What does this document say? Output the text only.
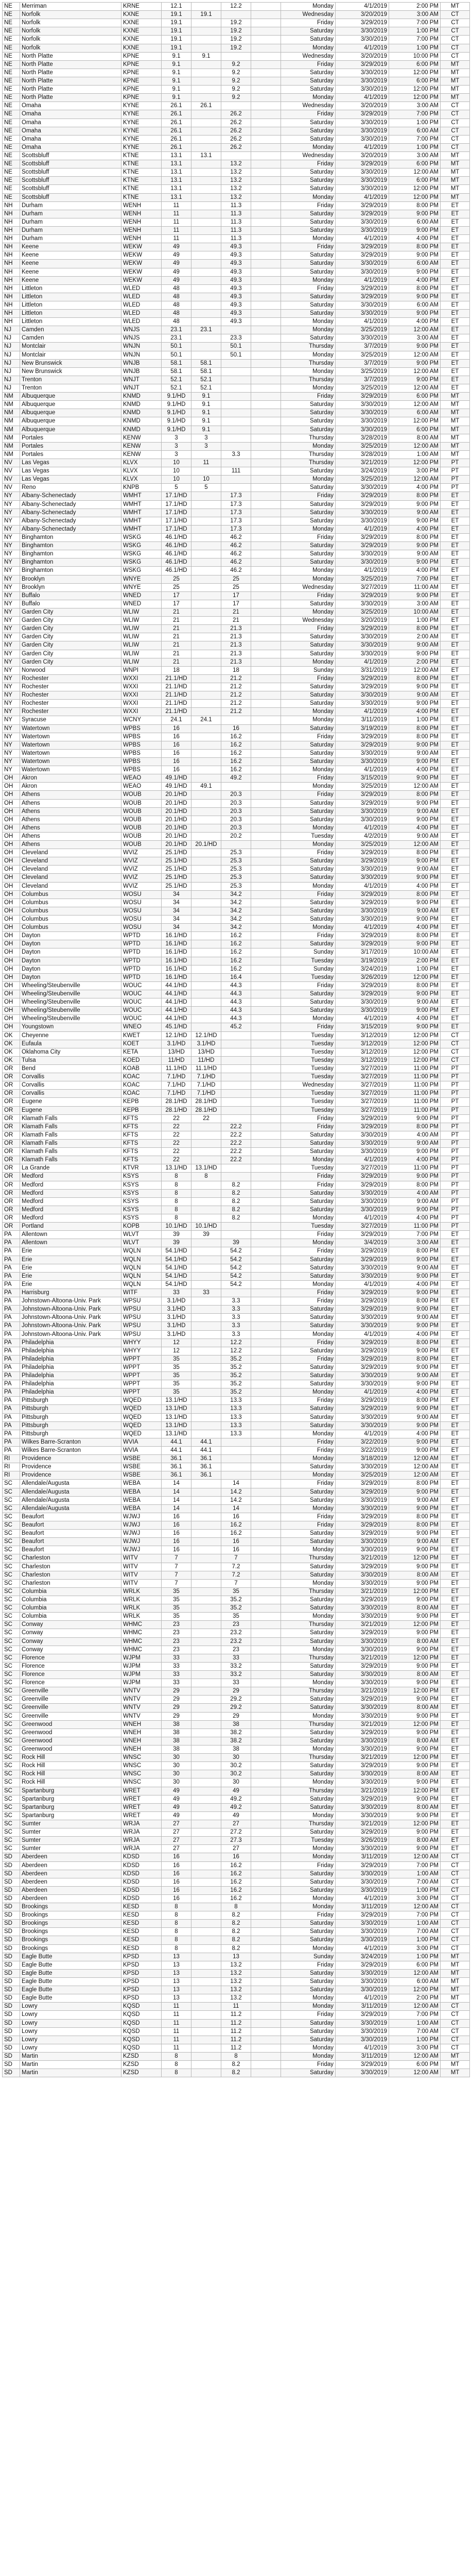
NE	Merriman	KRNE	12.1	12.2	Monday	4/1/2019	2:00 PM	MT
NE	Norfolk	KXNE	19.1	19.1	Wednesday	3/20/2019	3:00 AM	CT
NE	Norfolk	KXNE	19.1	19.2	Friday	3/29/2019	7:00 PM	CT
NE	Norfolk	KXNE	19.1	19.2	Saturday	3/30/2019	1:00 PM	CT
NE	Norfolk	KXNE	19.1	19.2	Saturday	3/30/2019	7:00 PM	CT
NE	Norfolk	KXNE	19.1	19.2	Monday	4/1/2019	1:00 PM	CT
NE	North Platte	KPNE	9.1	9.1	Wednesday	3/20/2019	10:00 PM	CT
NE	North Platte	KPNE	9.1	9.2	Friday	3/29/2019	6:00 PM	MT
NE	North Platte	KPNE	9.1	9.2	Saturday	3/30/2019	12:00 PM	MT
NE	North Platte	KPNE	9.1	9.2	Saturday	3/30/2019	6:00 PM	MT
NE	North Platte	KPNE	9.1	9.2	Saturday	3/30/2019	12:00 PM	MT
NE	North Platte	KPNE	9.1	9.2	Monday	4/1/2019	12:00 PM	MT
NE	Omaha	KYNE	26.1	26.1	Wednesday	3/20/2019	3:00 AM	CT
NE	Omaha	KYNE	26.1	26.2	Friday	3/29/2019	7:00 PM	CT
NE	Omaha	KYNE	26.1	26.2	Saturday	3/30/2019	1:00 PM	CT
NE	Omaha	KYNE	26.1	26.2	Saturday	3/30/2019	6:00 AM	CT
NE	Omaha	KYNE	26.1	26.2	Saturday	3/30/2019	7:00 PM	CT
NE	Omaha	KYNE	26.1	26.2	Monday	4/1/2019	1:00 PM	CT
NE	Scottsbluff	KTNE	13.1	13.1	Wednesday	3/20/2019	3:00 AM	MT
NE	Scottsbluff	KTNE	13.1	13.2	Friday	3/29/2019	6:00 PM	MT
NE	Scottsbluff	KTNE	13.1	13.2	Saturday	3/30/2019	12:00 AM	MT
NE	Scottsbluff	KTNE	13.1	13.2	Saturday	3/30/2019	6:00 PM	MT
NE	Scottsbluff	KTNE	13.1	13.2	Saturday	3/30/2019	12:00 PM	MT
NE	Scottsbluff	KTNE	13.1	13.2	Monday	4/1/2019	12:00 PM	MT
NH	Durham	WENH	11	11.3	Friday	3/29/2019	8:00 PM	ET
NH	Durham	WENH	11	11.3	Saturday	3/29/2019	9:00 PM	ET
NH	Durham	WENH	11	11.3	Saturday	3/30/2019	6:00 AM	ET
NH	Durham	WENH	11	11.3	Saturday	3/30/2019	9:00 PM	ET
NH	Durham	WENH	11	11.3	Monday	4/1/2019	4:00 PM	ET
NH	Keene	WEKW	49	49.3	Friday	3/29/2019	8:00 PM	ET
NH	Keene	WEKW	49	49.3	Saturday	3/29/2019	9:00 PM	ET
NH	Keene	WEKW	49	49.3	Saturday	3/30/2019	6:00 AM	ET
NH	Keene	WEKW	49	49.3	Saturday	3/30/2019	9:00 PM	ET
NH	Keene	WEKW	49	49.3	Monday	4/1/2019	4:00 PM	ET
NH	Littleton	WLED	48	49.3	Friday	3/29/2019	8:00 PM	ET
NH	Littleton	WLED	48	49.3	Saturday	3/29/2019	9:00 PM	ET
NH	Littleton	WLED	48	49.3	Saturday	3/30/2019	6:00 AM	ET
NH	Littleton	WLED	48	49.3	Saturday	3/30/2019	9:00 PM	ET
NH	Littleton	WLED	48	49.3	Monday	4/1/2019	4:00 PM	ET
NJ	Camden	WNJS	23.1	23.1	Monday	3/25/2019	12:00 AM	ET
NJ	Camden	WNJS	23.1	23.3	Saturday	3/30/2019	3:00 AM	ET
NJ	Montclair	WNJN	50.1	50.1	Thursday	3/7/2019	9:00 PM	ET
NJ	Montclair	WNJN	50.1	50.1	Monday	3/25/2019	12:00 AM	ET
NJ	New Brunswick	WNJB	58.1	58.1	Thursday	3/7/2019	9:00 PM	ET
NJ	New Brunswick	WNJB	58.1	58.1	Monday	3/25/2019	12:00 AM	ET
NJ	Trenton	WNJT	52.1	52.1	Thursday	3/7/2019	9:00 PM	ET
NJ	Trenton	WNJT	52.1	52.1	Monday	3/25/2019	12:00 AM	ET
NM	Albuquerque	KNMD	9.1/HD	9.1	Friday	3/29/2019	6:00 PM	MT
NM	Albuquerque	KNMD	9.1/HD	9.1	Saturday	3/30/2019	12:00 AM	MT
NM	Albuquerque	KNMD	9.1/HD	9.1	Saturday	3/30/2019	6:00 AM	MT
NM	Albuquerque	KNMD	9.1/HD	9.1	Saturday	3/30/2019	12:00 PM	MT
NM	Albuquerque	KNMD	9.1/HD	9.1	Saturday	3/30/2019	6:00 PM	MT
NM	Portales	KENW	3	3	Thursday	3/28/2019	8:00 AM	MT
NM	Portales	KENW	3	3	Monday	3/25/2019	12:00 AM	MT
NM	Portales	KENW	3	3.3	Thursday	3/28/2019	1:00 AM	MT
NV	Las Vegas	KLVX	10	11	Thursday	3/21/2019	12:00 PM	PT
NV	Las Vegas	KLVX	10	111	Saturday	3/24/2019	3:00 PM	PT
NV	Las Vegas	KLVX	10	10	Monday	3/25/2019	12:00 AM	PT
NV	Reno	KNPB	5	5	Saturday	3/30/2019	4:00 PM	PT
NY	Albany-Schenectady	WMHT	17.1/HD	17.3	Friday	3/29/2019	8:00 PM	ET
NY	Albany-Schenectady	WMHT	17.1/HD	17.3	Saturday	3/29/2019	9:00 PM	ET
NY	Albany-Schenectady	WMHT	17.1/HD	17.3	Saturday	3/30/2019	9:00 AM	ET
NY	Albany-Schenectady	WMHT	17.1/HD	17.3	Saturday	3/30/2019	9:00 PM	ET
NY	Albany-Schenectady	WMHT	17.1/HD	17.3	Monday	4/1/2019	4:00 PM	ET
NY	Binghamton	WSKG	46.1/HD	46.2	Friday	3/29/2019	8:00 PM	ET
NY	Binghamton	WSKG	46.1/HD	46.2	Saturday	3/29/2019	9:00 PM	ET
NY	Binghamton	WSKG	46.1/HD	46.2	Saturday	3/30/2019	9:00 AM	ET
NY	Binghamton	WSKG	46.1/HD	46.2	Saturday	3/30/2019	9:00 PM	ET
NY	Binghamton	WSKG	46.1/HD	46.2	Monday	4/1/2019	4:00 PM	ET
NY	Brooklyn	WNYE	25	25	Monday	3/25/2019	7:00 PM	ET
NY	Brooklyn	WNYE	25	25	Wednesday	3/27/2019	11:00 AM	ET
NY	Buffalo	WNED	17	17	Friday	3/29/2019	9:00 PM	ET
NY	Buffalo	WNED	17	17	Saturday	3/30/2019	3:00 AM	ET
NY	Garden City	WLIW	21	21	Monday	3/25/2019	10:00 AM	ET
NY	Garden City	WLIW	21	21	Wednesday	3/20/2019	1:00 PM	ET
NY	Garden City	WLIW	21	21.3	Friday	3/29/2019	8:00 PM	ET
NY	Garden City	WLIW	21	21.3	Saturday	3/30/2019	2:00 AM	ET
NY	Garden City	WLIW	21	21.3	Saturday	3/30/2019	9:00 AM	ET
NY	Garden City	WLIW	21	21.3	Saturday	3/30/2019	9:00 PM	ET
NY	Garden City	WLIW	21	21.3	Monday	4/1/2019	2:00 PM	ET
NY	Norwood	WNPI	18	18	Sunday	3/31/2019	12:00 AM	ET
NY	Rochester	WXXI	21.1/HD	21.2	Friday	3/29/2019	8:00 PM	ET
NY	Rochester	WXXI	21.1/HD	21.2	Saturday	3/29/2019	9:00 PM	ET
NY	Rochester	WXXI	21.1/HD	21.2	Saturday	3/30/2019	9:00 AM	ET
NY	Rochester	WXXI	21.1/HD	21.2	Saturday	3/30/2019	9:00 PM	ET
NY	Rochester	WXXI	21.1/HD	21.2	Monday	4/1/2019	4:00 PM	ET
NY	Syracuse	WCNY	24.1	24.1	Monday	3/11/2019	1:00 PM	ET
NY	Watertown	WPBS	16	16	Saturday	3/19/2019	8:00 PM	ET
NY	Watertown	WPBS	16	16.2	Friday	3/29/2019	8:00 PM	ET
NY	Watertown	WPBS	16	16.2	Saturday	3/29/2019	9:00 PM	ET
NY	Watertown	WPBS	16	16.2	Saturday	3/30/2019	9:00 AM	ET
NY	Watertown	WPBS	16	16.2	Saturday	3/30/2019	9:00 PM	ET
NY	Watertown	WPBS	16	16.2	Monday	4/1/2019	4:00 PM	ET
OH	Akron	WEAO	49.1/HD	49.2	Friday	3/15/2019	9:00 PM	ET
OH	Akron	WEAO	49.1/HD	49.1	Monday	3/25/2019	12:00 AM	ET
OH	Athens	WOUB	20.1/HD	20.3	Friday	3/29/2019	8:00 PM	ET
OH	Athens	WOUB	20.1/HD	20.3	Saturday	3/29/2019	9:00 PM	ET
OH	Athens	WOUB	20.1/HD	20.3	Saturday	3/30/2019	9:00 AM	ET
OH	Athens	WOUB	20.1/HD	20.3	Saturday	3/30/2019	9:00 PM	ET
OH	Athens	WOUB	20.1/HD	20.3	Monday	4/1/2019	4:00 PM	ET
OH	Athens	WOUB	20.1/HD	20.2	Tuesday	4/2/2019	9:00 AM	ET
OH	Athens	WOUB	20.1/HD	20.1/HD	Monday	3/25/2019	12:00 AM	ET
OH	Cleveland	WVIZ	25.1/HD	25.3	Friday	3/29/2019	8:00 PM	ET
OH	Cleveland	WVIZ	25.1/HD	25.3	Saturday	3/29/2019	9:00 PM	ET
OH	Cleveland	WVIZ	25.1/HD	25.3	Saturday	3/30/2019	9:00 AM	ET
OH	Cleveland	WVIZ	25.1/HD	25.3	Saturday	3/30/2019	9:00 PM	ET
OH	Cleveland	WVIZ	25.1/HD	25.3	Monday	4/1/2019	4:00 PM	ET
OH	Columbus	WOSU	34	34.2	Friday	3/29/2019	8:00 PM	ET
OH	Columbus	WOSU	34	34.2	Saturday	3/29/2019	9:00 PM	ET
OH	Columbus	WOSU	34	34.2	Saturday	3/30/2019	9:00 AM	ET
OH	Columbus	WOSU	34	34.2	Saturday	3/30/2019	9:00 PM	ET
OH	Columbus	WOSU	34	34.2	Monday	4/1/2019	4:00 PM	ET
OH	Dayton	WPTD	16.1/HD	16.2	Friday	3/29/2019	8:00 PM	ET
OH	Dayton	WPTD	16.1/HD	16.2	Saturday	3/29/2019	9:00 PM	ET
OH	Dayton	WPTD	16.1/HD	16.2	Sunday	3/17/2019	10:00 AM	ET
OH	Dayton	WPTD	16.1/HD	16.2	Tuesday	3/19/2019	2:00 PM	ET
OH	Dayton	WPTD	16.1/HD	16.2	Sunday	3/24/2019	1:00 PM	ET
OH	Dayton	WPTD	16.1/HD	16.4	Tuesday	3/26/2019	12:00 PM	ET
OH	Wheeling/Steubenville	WOUC	44.1/HD	44.3	Friday	3/29/2019	8:00 PM	ET
OH	Wheeling/Steubenville	WOUC	44.1/HD	44.3	Saturday	3/29/2019	9:00 PM	ET
OH	Wheeling/Steubenville	WOUC	44.1/HD	44.3	Saturday	3/30/2019	9:00 AM	ET
OH	Wheeling/Steubenville	WOUC	44.1/HD	44.3	Saturday	3/30/2019	9:00 PM	ET
OH	Wheeling/Steubenville	WOUC	44.1/HD	44.3	Monday	4/1/2019	4:00 PM	ET
OH	Youngstown	WNEO	45.1/HD	45.2	Friday	3/15/2019	9:00 PM	ET
OK	Cheyenne	KWET	12.1/HD	12.1/HD	Tuesday	3/12/2019	12:00 PM	CT
OK	Eufaula	KOET	3.1/HD	3.1/HD	Tuesday	3/12/2019	12:00 PM	CT
OK	Oklahoma City	KETA	13/HD	13/HD	Tuesday	3/12/2019	12:00 PM	CT
OK	Tulsa	KOED	11/HD	11/HD	Tuesday	3/12/2019	12:00 PM	CT
OR	Bend	KOAB	11.1/HD	11.1/HD	Tuesday	3/27/2019	11:00 PM	PT
OR	Corvallis	KOAC	7.1/HD	7.1/HD	Tuesday	3/27/2019	11:00 PM	PT
OR	Corvallis	KOAC	7.1/HD	7.1/HD	Wednesday	3/27/2019	11:00 PM	PT
OR	Corvallis	KOAC	7.1/HD	7.1/HD	Tuesday	3/27/2019	11:00 PM	PT
OR	Eugene	KEPB	28.1/HD	28.1/HD	Tuesday	3/27/2019	11:00 PM	PT
OR	Eugene	KEPB	28.1/HD	28.1/HD	Tuesday	3/27/2019	11:00 PM	PT
OR	Klamath Falls	KFTS	22	22	Friday	3/29/2019	9:00 PM	PT
OR	Klamath Falls	KFTS	22	22.2	Friday	3/29/2019	8:00 PM	PT
OR	Klamath Falls	KFTS	22	22.2	Saturday	3/30/2019	4:00 AM	PT
OR	Klamath Falls	KFTS	22	22.2	Saturday	3/30/2019	9:00 AM	PT
OR	Klamath Falls	KFTS	22	22.2	Saturday	3/30/2019	9:00 PM	PT
OR	Klamath Falls	KFTS	22	22.2	Monday	4/1/2019	4:00 PM	PT
OR	La Grande	KTVR	13.1/HD	13.1/HD	Tuesday	3/27/2019	11:00 PM	PT
OR	Medford	KSYS	8	8	Friday	3/29/2019	9:00 PM	PT
OR	Medford	KSYS	8	8.2	Friday	3/29/2019	8:00 PM	PT
OR	Medford	KSYS	8	8.2	Saturday	3/30/2019	4:00 AM	PT
OR	Medford	KSYS	8	8.2	Saturday	3/30/2019	9:00 AM	PT
OR	Medford	KSYS	8	8.2	Saturday	3/30/2019	9:00 PM	PT
OR	Medford	KSYS	8	8.2	Monday	4/1/2019	4:00 PM	PT
OR	Portland	KOPB	10.1/HD	10.1/HD	Tuesday	3/27/2019	11:00 PM	PT
PA	Allentown	WLVT	39	39	Friday	3/29/2019	7:00 PM	ET
PA	Allentown	WLVT	39	39	Monday	3/4/2019	3:00 AM	ET
PA	Erie	WQLN	54.1/HD	54.2	Friday	3/29/2019	8:00 PM	ET
PA	Erie	WQLN	54.1/HD	54.2	Saturday	3/29/2019	9:00 PM	ET
PA	Erie	WQLN	54.1/HD	54.2	Saturday	3/30/2019	9:00 AM	ET
PA	Erie	WQLN	54.1/HD	54.2	Saturday	3/30/2019	9:00 PM	ET
PA	Erie	WQLN	54.1/HD	54.2	Monday	4/1/2019	4:00 PM	ET
PA	Harrisburg	WITF	33	33	Friday	3/29/2019	9:00 PM	ET
PA	Johnstown-Altoona-Univ. Park	WPSU	3.1/HD	3.3	Friday	3/29/2019	8:00 PM	ET
PA	Johnstown-Altoona-Univ. Park	WPSU	3.1/HD	3.3	Saturday	3/29/2019	9:00 PM	ET
PA	Johnstown-Altoona-Univ. Park	WPSU	3.1/HD	3.3	Saturday	3/30/2019	9:00 AM	ET
PA	Johnstown-Altoona-Univ. Park	WPSU	3.1/HD	3.3	Saturday	3/30/2019	9:00 PM	ET
PA	Johnstown-Altoona-Univ. Park	WPSU	3.1/HD	3.3	Monday	4/1/2019	4:00 PM	ET
PA	Philadelphia	WHYY	12	12.2	Friday	3/29/2019	8:00 PM	ET
PA	Philadelphia	WHYY	12	12.2	Saturday	3/29/2019	9:00 PM	ET
PA	Philadelphia	WPPT	35	35.2	Friday	3/29/2019	8:00 PM	ET
PA	Philadelphia	WPPT	35	35.2	Saturday	3/29/2019	9:00 PM	ET
PA	Philadelphia	WPPT	35	35.2	Saturday	3/30/2019	9:00 AM	ET
PA	Philadelphia	WPPT	35	35.2	Saturday	3/30/2019	9:00 PM	ET
PA	Philadelphia	WPPT	35	35.2	Monday	4/1/2019	4:00 PM	ET
PA	Pittsburgh	WQED	13.1/HD	13.3	Friday	3/29/2019	8:00 PM	ET
PA	Pittsburgh	WQED	13.1/HD	13.3	Saturday	3/29/2019	9:00 PM	ET
PA	Pittsburgh	WQED	13.1/HD	13.3	Saturday	3/30/2019	9:00 AM	ET
PA	Pittsburgh	WQED	13.1/HD	13.3	Saturday	3/30/2019	9:00 PM	ET
PA	Pittsburgh	WQED	13.1/HD	13.3	Monday	4/1/2019	4:00 PM	ET
PA	Wilkes Barre-Scranton	WVIA	44.1	44.1	Friday	3/22/2019	9:00 PM	ET
PA	Wilkes Barre-Scranton	WVIA	44.1	44.1	Friday	3/22/2019	9:00 PM	ET
RI	Providence	WSBE	36.1	36.1	Monday	3/18/2019	12:00 AM	ET
RI	Providence	WSBE	36.1	36.1	Saturday	3/30/2019	12:00 AM	ET
RI	Providence	WSBE	36.1	36.1	Monday	3/25/2019	12:00 AM	ET
SC	Allendale/Augusta	WEBA	14	14	Friday	3/29/2019	8:00 PM	ET
SC	Allendale/Augusta	WEBA	14	14.2	Saturday	3/29/2019	9:00 PM	ET
SC	Allendale/Augusta	WEBA	14	14.2	Saturday	3/30/2019	9:00 AM	ET
SC	Allendale/Augusta	WEBA	14	14	Monday	3/30/2019	9:00 PM	ET
SC	Beaufort	WJWJ	16	16	Friday	3/29/2019	8:00 PM	ET
SC	Beaufort	WJWJ	16	16.2	Friday	3/29/2019	8:00 PM	ET
SC	Beaufort	WJWJ	16	16.2	Saturday	3/29/2019	9:00 PM	ET
SC	Beaufort	WJWJ	16	16	Saturday	3/30/2019	9:00 AM	ET
SC	Beaufort	WJWJ	16	16	Monday	3/30/2019	9:00 PM	ET
SC	Charleston	WITV	7	7	Thursday	3/21/2019	12:00 PM	ET
SC	Charleston	WITV	7	7.2	Saturday	3/29/2019	9:00 PM	ET
SC	Charleston	WITV	7	7.2	Saturday	3/30/2019	8:00 AM	ET
SC	Charleston	WITV	7	7	Monday	3/30/2019	9:00 PM	ET
SC	Columbia	WRLK	35	35	Thursday	3/21/2019	12:00 PM	ET
SC	Columbia	WRLK	35	35.2	Saturday	3/29/2019	9:00 PM	ET
SC	Columbia	WRLK	35	35.2	Saturday	3/30/2019	8:00 AM	ET
SC	Columbia	WRLK	35	35	Monday	3/30/2019	9:00 PM	ET
SC	Conway	WHMC	23	23	Thursday	3/21/2019	12:00 PM	ET
SC	Conway	WHMC	23	23.2	Saturday	3/29/2019	9:00 PM	ET
SC	Conway	WHMC	23	23.2	Saturday	3/30/2019	8:00 AM	ET
SC	Conway	WHMC	23	23	Monday	3/30/2019	9:00 PM	ET
SC	Florence	WJPM	33	33	Thursday	3/21/2019	12:00 PM	ET
SC	Florence	WJPM	33	33.2	Saturday	3/29/2019	9:00 PM	ET
SC	Florence	WJPM	33	33.2	Saturday	3/30/2019	8:00 AM	ET
SC	Florence	WJPM	33	33	Monday	3/30/2019	9:00 PM	ET
SC	Greenville	WNTV	29	29	Thursday	3/21/2019	12:00 PM	ET
SC	Greenville	WNTV	29	29.2	Saturday	3/29/2019	9:00 PM	ET
SC	Greenville	WNTV	29	29.2	Saturday	3/30/2019	8:00 AM	ET
SC	Greenville	WNTV	29	29	Monday	3/30/2019	9:00 PM	ET
SC	Greenwood	WNEH	38	38	Thursday	3/21/2019	12:00 PM	ET
SC	Greenwood	WNEH	38	38.2	Saturday	3/29/2019	9:00 PM	ET
SC	Greenwood	WNEH	38	38.2	Saturday	3/30/2019	8:00 AM	ET
SC	Greenwood	WNEH	38	38	Monday	3/30/2019	9:00 PM	ET
SC	Rock Hill	WNSC	30	30	Thursday	3/21/2019	12:00 PM	ET
SC	Rock Hill	WNSC	30	30.2	Saturday	3/29/2019	9:00 PM	ET
SC	Rock Hill	WNSC	30	30.2	Saturday	3/30/2019	8:00 AM	ET
SC	Rock Hill	WNSC	30	30	Monday	3/30/2019	9:00 PM	ET
SC	Spartanburg	WRET	49	49	Thursday	3/21/2019	12:00 PM	ET
SC	Spartanburg	WRET	49	49.2	Saturday	3/29/2019	9:00 PM	ET
SC	Spartanburg	WRET	49	49.2	Saturday	3/30/2019	8:00 AM	ET
SC	Spartanburg	WRET	49	49	Monday	3/30/2019	9:00 PM	ET
SC	Sumter	WRJA	27	27	Thursday	3/21/2019	12:00 PM	ET
SC	Sumter	WRJA	27	27.2	Saturday	3/29/2019	9:00 PM	ET
SC	Sumter	WRJA	27	27.3	Tuesday	3/26/2019	8:00 AM	ET
SC	Sumter	WRJA	27	27	Monday	3/30/2019	9:00 PM	ET
SD	Aberdeen	KDSD	16	16	Monday	3/11/2019	12:00 AM	CT
SD	Aberdeen	KDSD	16	16.2	Friday	3/29/2019	7:00 PM	CT
SD	Aberdeen	KDSD	16	16.2	Saturday	3/30/2019	1:00 AM	CT
SD	Aberdeen	KDSD	16	16.2	Saturday	3/30/2019	7:00 AM	CT
SD	Aberdeen	KDSD	16	16.2	Saturday	3/30/2019	1:00 PM	CT
SD	Aberdeen	KDSD	16	16.2	Monday	4/1/2019	3:00 PM	CT
SD	Brookings	KESD	8	8	Monday	3/11/2019	12:00 AM	CT
SD	Brookings	KESD	8	8.2	Friday	3/29/2019	7:00 PM	CT
SD	Brookings	KESD	8	8.2	Saturday	3/30/2019	1:00 AM	CT
SD	Brookings	KESD	8	8.2	Saturday	3/30/2019	7:00 AM	CT
SD	Brookings	KESD	8	8.2	Saturday	3/30/2019	1:00 PM	CT
SD	Brookings	KESD	8	8.2	Monday	4/1/2019	3:00 PM	CT
SD	Eagle Butte	KPSD	13	13	Sunday	3/24/2019	1:00 PM	MT
SD	Eagle Butte	KPSD	13	13.2	Friday	3/29/2019	6:00 PM	MT
SD	Eagle Butte	KPSD	13	13.2	Saturday	3/30/2019	12:00 AM	MT
SD	Eagle Butte	KPSD	13	13.2	Saturday	3/30/2019	6:00 AM	MT
SD	Eagle Butte	KPSD	13	13.2	Saturday	3/30/2019	12:00 PM	MT
SD	Eagle Butte	KPSD	13	13.2	Monday	4/1/2019	2:00 PM	MT
SD	Lowry	KQSD	11	11	Monday	3/11/2019	12:00 AM	CT
SD	Lowry	KQSD	11	11.2	Friday	3/29/2019	7:00 PM	CT
SD	Lowry	KQSD	11	11.2	Saturday	3/30/2019	1:00 AM	CT
SD	Lowry	KQSD	11	11.2	Saturday	3/30/2019	7:00 AM	CT
SD	Lowry	KQSD	11	11.2	Saturday	3/30/2019	1:00 PM	CT
SD	Lowry	KQSD	11	11.2	Monday	4/1/2019	3:00 PM	CT
SD	Martin	KZSD	8	8	Monday	3/11/2019	12:00 AM	MT
SD	Martin	KZSD	8	8.2	Friday	3/29/2019	6:00 PM	MT
SD	Martin	KZSD	8	8.2	Saturday	3/30/2019	12:00 AM	MT
